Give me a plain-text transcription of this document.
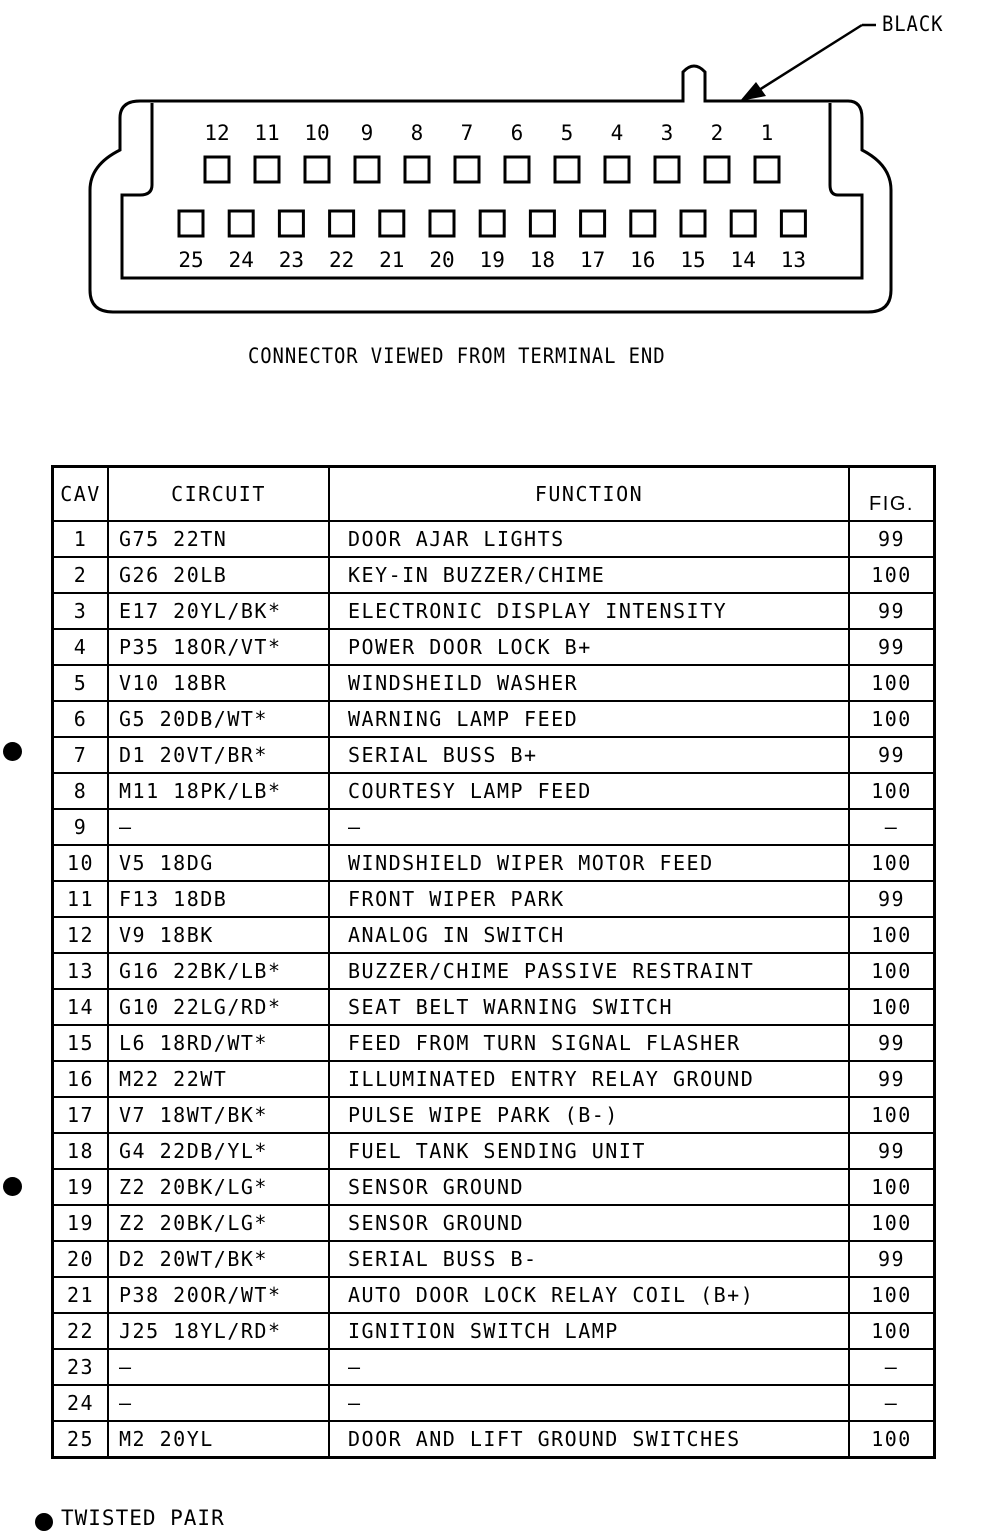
12 11 10 9 8 7 6 5 4 3 2 1
25 24 23 22 21 20 19 18 17 16 15 14 13
BLACK
CONNECTOR VIEWED FROM TERMINAL END
CAV	CIRCUIT	FUNCTION	FIG.
1	G75 22TN	DOOR AJAR LIGHTS	99
2	G26 20LB	KEY-IN BUZZER/CHIME	100
3	E17 20YL/BK*	ELECTRONIC DISPLAY INTENSITY	99
4	P35 18OR/VT*	POWER DOOR LOCK B+	99
5	V10 18BR	WINDSHEILD WASHER	100
6	G5 20DB/WT*	WARNING LAMP FEED	100
7	D1 20VT/BR*	SERIAL BUSS B+	99
8	M11 18PK/LB*	COURTESY LAMP FEED	100
9	—	—	—
10	V5 18DG	WINDSHIELD WIPER MOTOR FEED	100
11	F13 18DB	FRONT WIPER PARK	99
12	V9 18BK	ANALOG IN SWITCH	100
13	G16 22BK/LB*	BUZZER/CHIME PASSIVE RESTRAINT	100
14	G10 22LG/RD*	SEAT BELT WARNING SWITCH	100
15	L6 18RD/WT*	FEED FROM TURN SIGNAL FLASHER	99
16	M22 22WT	ILLUMINATED ENTRY RELAY GROUND	99
17	V7 18WT/BK*	PULSE WIPE PARK (B-)	100
18	G4 22DB/YL*	FUEL TANK SENDING UNIT	99
19	Z2 20BK/LG*	SENSOR GROUND	100
19	Z2 20BK/LG*	SENSOR GROUND	100
20	D2 20WT/BK*	SERIAL BUSS B-	99
21	P38 20OR/WT*	AUTO DOOR LOCK RELAY COIL (B+)	100
22	J25 18YL/RD*	IGNITION SWITCH LAMP	100
23	—	—	—
24	—	—	—
25	M2 20YL	DOOR AND LIFT GROUND SWITCHES	100
TWISTED PAIR
